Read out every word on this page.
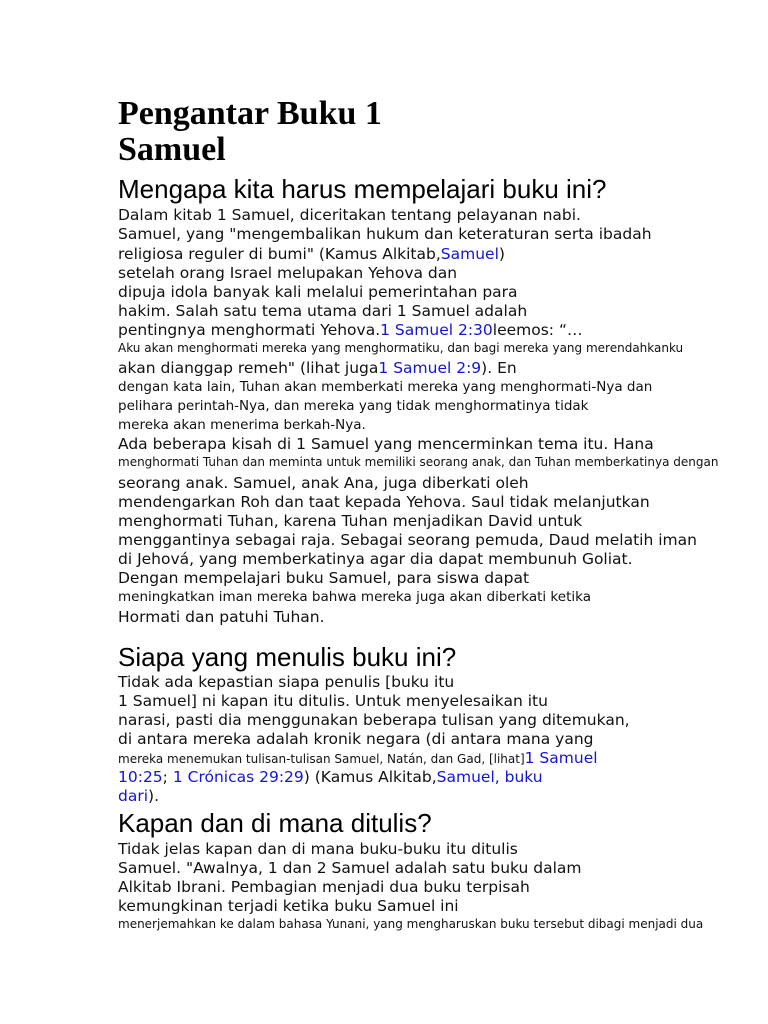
Pengantar Buku 1 Samuel
Mengapa kita harus mempelajari buku ini?

Dalam kitab 1 Samuel, diceritakan tentang pelayanan nabi.

Samuel, yang "mengembalikan hukum dan keteraturan serta ibadah

religiosa reguler di bumi" (Kamus Alkitab,Samuel)

setelah orang Israel melupakan Yehova dan

dipuja idola banyak kali melalui pemerintahan para

hakim. Salah satu tema utama dari 1 Samuel adalah

pentingnya menghormati Yehova.1 Samuel 2:30leemos: “…

Aku akan menghormati mereka yang menghormatiku, dan bagi mereka yang merendahkanku

akan dianggap remeh" (lihat juga1 Samuel 2:9). En

dengan kata lain, Tuhan akan memberkati mereka yang menghormati-Nya dan

pelihara perintah-Nya, dan mereka yang tidak menghormatinya tidak

mereka akan menerima berkah-Nya.

Ada beberapa kisah di 1 Samuel yang mencerminkan tema itu. Hana

menghormati Tuhan dan meminta untuk memiliki seorang anak, dan Tuhan memberkatinya dengan

seorang anak. Samuel, anak Ana, juga diberkati oleh

mendengarkan Roh dan taat kepada Yehova. Saul tidak melanjutkan

menghormati Tuhan, karena Tuhan menjadikan David untuk

menggantinya sebagai raja. Sebagai seorang pemuda, Daud melatih iman

di Jehová, yang memberkatinya agar dia dapat membunuh Goliat.

Dengan mempelajari buku Samuel, para siswa dapat

meningkatkan iman mereka bahwa mereka juga akan diberkati ketika

Hormati dan patuhi Tuhan.

Siapa yang menulis buku ini?

Tidak ada kepastian siapa penulis [buku itu

1 Samuel] ni kapan itu ditulis. Untuk menyelesaikan itu

narasi, pasti dia menggunakan beberapa tulisan yang ditemukan,

di antara mereka adalah kronik negara (di antara mana yang

mereka menemukan tulisan-tulisan Samuel, Natán, dan Gad, [lihat]1 Samuel

10:25; 1 Crónicas 29:29) (Kamus Alkitab,Samuel, buku

dari).

Kapan dan di mana ditulis?

Tidak jelas kapan dan di mana buku-buku itu ditulis

Samuel. "Awalnya, 1 dan 2 Samuel adalah satu buku dalam

Alkitab Ibrani. Pembagian menjadi dua buku terpisah

kemungkinan terjadi ketika buku Samuel ini

menerjemahkan ke dalam bahasa Yunani, yang mengharuskan buku tersebut dibagi menjadi dua
